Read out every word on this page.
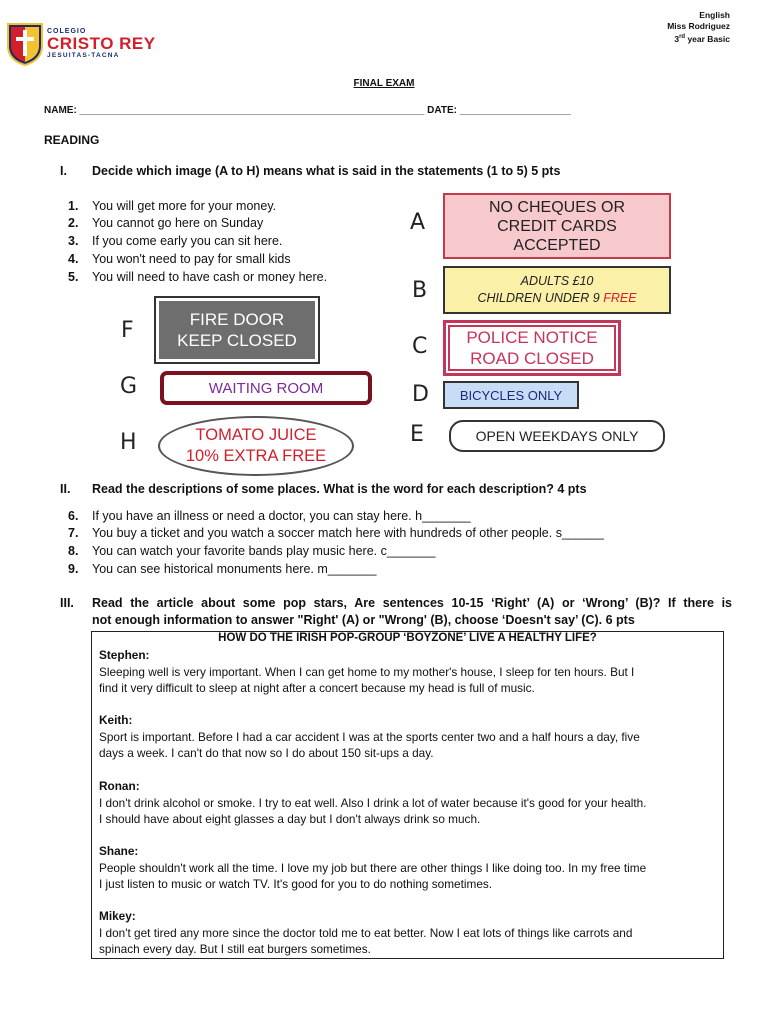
COLEGIO
CRISTO REY
JESUITAS-TACNA
English
Miss Rodriguez
3rd year Basic
FINAL EXAM
NAME: ______________________________________________________________ DATE: ____________________
READING
I. Decide which image (A to H) means what is said in the statements (1 to 5) 5 pts
1. You will get more for your money.
2. You cannot go here on Sunday
3. If you come early you can sit here.
4. You won't need to pay for small kids
5. You will need to have cash or money here.
A
B
C
D
E
F
G
H
NO CHEQUES OR
CREDIT CARDS
ACCEPTED
ADULTS £10
CHILDREN UNDER 9 FREE
POLICE NOTICE
ROAD CLOSED
BICYCLES ONLY
OPEN WEEKDAYS ONLY
FIRE DOOR
KEEP CLOSED
WAITING ROOM
TOMATO JUICE
10% EXTRA FREE
II. Read the descriptions of some places. What is the word for each description? 4 pts
6. If you have an illness or need a doctor, you can stay here. h_______
7. You buy a ticket and you watch a soccer match here with hundreds of other people. s______
8. You can watch your favorite bands play music here. c_______
9. You can see historical monuments here. m_______
III. Read the article about some pop stars, Are sentences 10-15 ‘Right’ (A) or ‘Wrong’ (B)? If there is
not enough information to answer "Right' (A) or "Wrong' (B), choose ‘Doesn't say’ (C). 6 pts
HOW DO THE IRISH POP-GROUP ‘BOYZONE’ LIVE A HEALTHY LIFE?
Stephen:
Sleeping well is very important. When I can get home to my mother's house, I sleep for ten hours. But I
find it very difficult to sleep at night after a concert because my head is full of music.
Keith:
Sport is important. Before I had a car accident I was at the sports center two and a half hours a day, five
days a week. I can't do that now so I do about 150 sit-ups a day.
Ronan:
I don't drink alcohol or smoke. I try to eat well. Also I drink a lot of water because it's good for your health.
I should have about eight glasses a day but I don't always drink so much.
Shane:
People shouldn't work all the time. I love my job but there are other things I like doing too. In my free time
I just listen to music or watch TV. It's good for you to do nothing sometimes.
Mikey:
I don't get tired any more since the doctor told me to eat better. Now I eat lots of things like carrots and
spinach every day. But I still eat burgers sometimes.
